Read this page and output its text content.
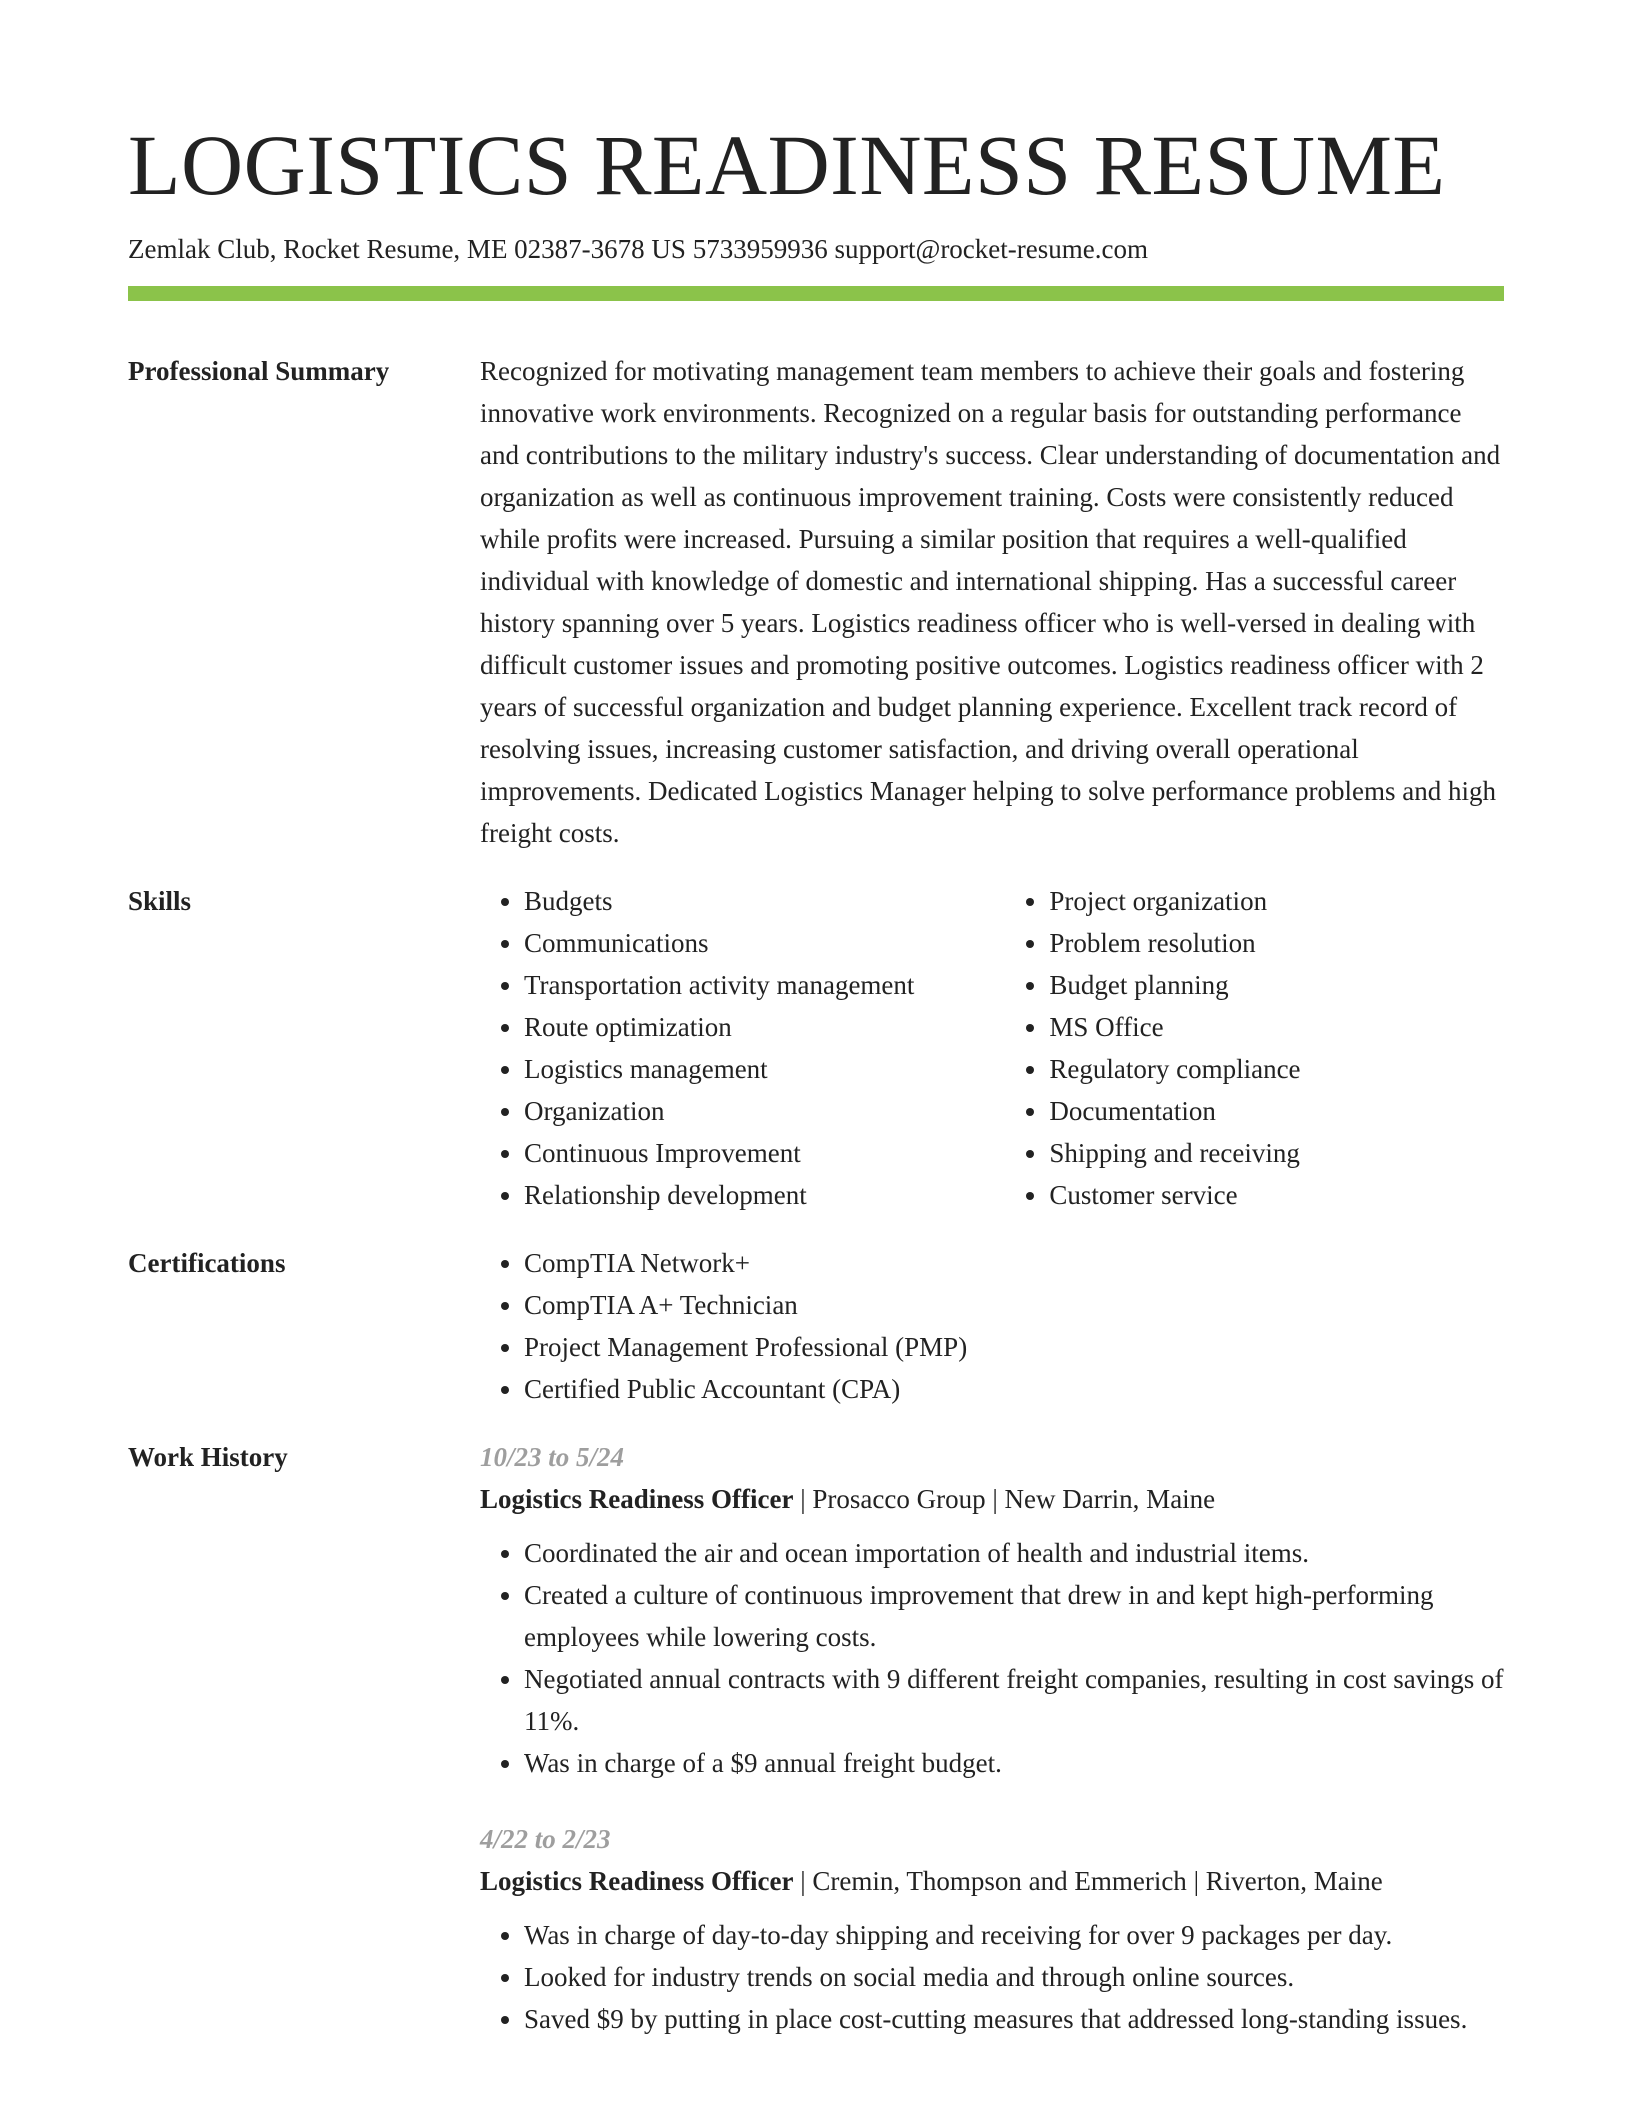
LOGISTICS READINESS RESUME
Zemlak Club, Rocket Resume, ME 02387-3678 US 5733959936 support@rocket-resume.com
Professional Summary	Recognized for motivating management team members to achieve their goals and fostering innovative work environments. Recognized on a regular basis for outstanding performance and contributions to the military industry's success. Clear understanding of documentation and organization as well as continuous improvement training. Costs were consistently reduced while profits were increased. Pursuing a similar position that requires a well-qualified individual with knowledge of domestic and international shipping. Has a successful career history spanning over 5 years. Logistics readiness officer who is well-versed in dealing with difficult customer issues and promoting positive outcomes. Logistics readiness officer with 2 years of successful organization and budget planning experience. Excellent track record of resolving issues, increasing customer satisfaction, and driving overall operational improvements. Dedicated Logistics Manager helping to solve performance problems and high freight costs.

Skills	• Budgets
• Communications
• Transportation activity management
• Route optimization
• Logistics management
• Organization
• Continuous Improvement
• Relationship development
• Project organization
• Problem resolution
• Budget planning
• MS Office
• Regulatory compliance
• Documentation
• Shipping and receiving
• Customer service
Certifications	• CompTIA Network+
• CompTIA A+ Technician
• Project Management Professional (PMP)
• Certified Public Accountant (CPA)
Work History	10/23 to 5/24
Logistics Readiness Officer | Prosacco Group | New Darrin, Maine
• Coordinated the air and ocean importation of health and industrial items.
• Created a culture of continuous improvement that drew in and kept high-performing employees while lowering costs.
• Negotiated annual contracts with 9 different freight companies, resulting in cost savings of 11%.
• Was in charge of a $9 annual freight budget.
4/22 to 2/23
Logistics Readiness Officer | Cremin, Thompson and Emmerich | Riverton, Maine
• Was in charge of day-to-day shipping and receiving for over 9 packages per day.
• Looked for industry trends on social media and through online sources.
• Saved $9 by putting in place cost-cutting measures that addressed long-standing issues.
